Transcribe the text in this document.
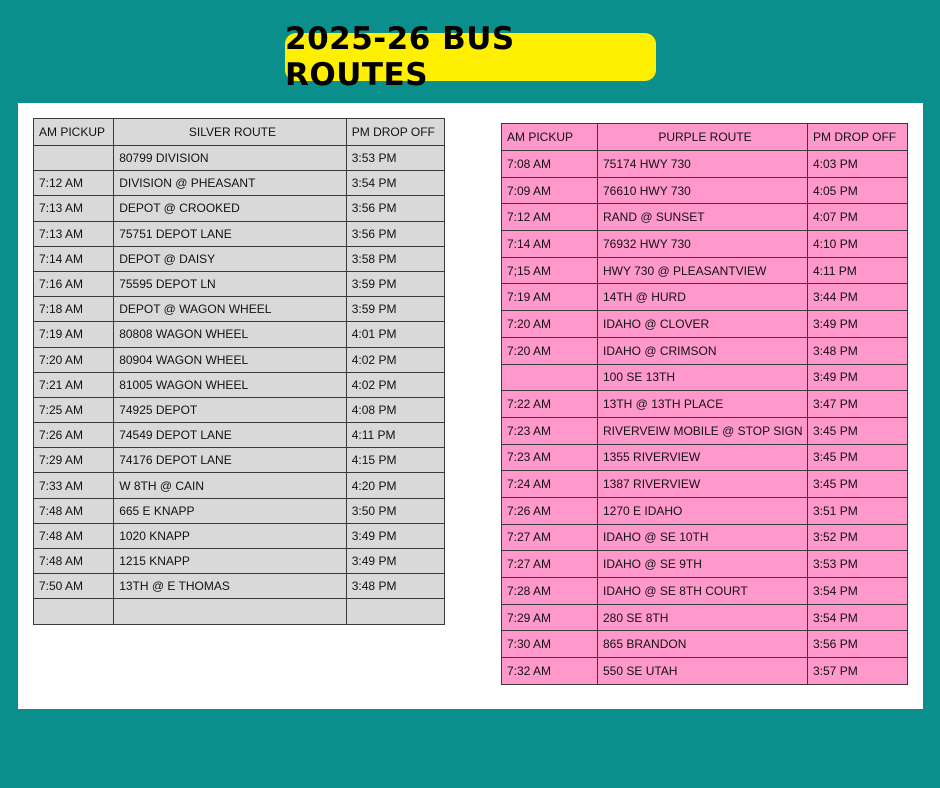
2025-26 BUS ROUTES
AM PICKUP	SILVER ROUTE	PM DROP OFF
	80799 DIVISION	3:53 PM
7:12 AM	DIVISION @ PHEASANT	3:54 PM
7:13 AM	DEPOT @ CROOKED	3:56 PM
7:13 AM	75751 DEPOT LANE	3:56 PM
7:14 AM	DEPOT @ DAISY	3:58 PM
7:16 AM	75595 DEPOT LN	3:59 PM
7:18 AM	DEPOT @ WAGON WHEEL	3:59 PM
7:19 AM	80808 WAGON WHEEL	4:01 PM
7:20 AM	80904 WAGON WHEEL	4:02 PM
7:21 AM	81005 WAGON WHEEL	4:02 PM
7:25 AM	74925 DEPOT	4:08 PM
7:26 AM	74549 DEPOT LANE	4:11 PM
7:29 AM	74176 DEPOT LANE	4:15 PM
7:33 AM	W 8TH @ CAIN	4:20 PM
7:48 AM	665 E KNAPP	3:50 PM
7:48 AM	1020 KNAPP	3:49 PM
7:48 AM	1215 KNAPP	3:49 PM
7:50 AM	13TH @ E THOMAS	3:48 PM

AM PICKUP	PURPLE ROUTE	PM DROP OFF
7:08 AM	75174 HWY 730	4:03 PM
7:09 AM	76610 HWY 730	4:05 PM
7:12 AM	RAND @ SUNSET	4:07 PM
7:14 AM	76932 HWY 730	4:10 PM
7;15 AM	HWY 730 @ PLEASANTVIEW	4:11 PM
7:19 AM	14TH @ HURD	3:44 PM
7:20 AM	IDAHO @ CLOVER	3:49 PM
7:20 AM	IDAHO @ CRIMSON	3:48 PM
	100 SE 13TH	3:49 PM
7:22 AM	13TH @ 13TH PLACE	3:47 PM
7:23 AM	RIVERVEIW MOBILE @ STOP SIGN	3:45 PM
7:23 AM	1355 RIVERVIEW	3:45 PM
7:24 AM	1387 RIVERVIEW	3:45 PM
7:26 AM	1270 E IDAHO	3:51 PM
7:27 AM	IDAHO @ SE 10TH	3:52 PM
7:27 AM	IDAHO @ SE 9TH	3:53 PM
7:28 AM	IDAHO @ SE 8TH COURT	3:54 PM
7:29 AM	280 SE 8TH	3:54 PM
7:30 AM	865 BRANDON	3:56 PM
7:32 AM	550 SE UTAH	3:57 PM
